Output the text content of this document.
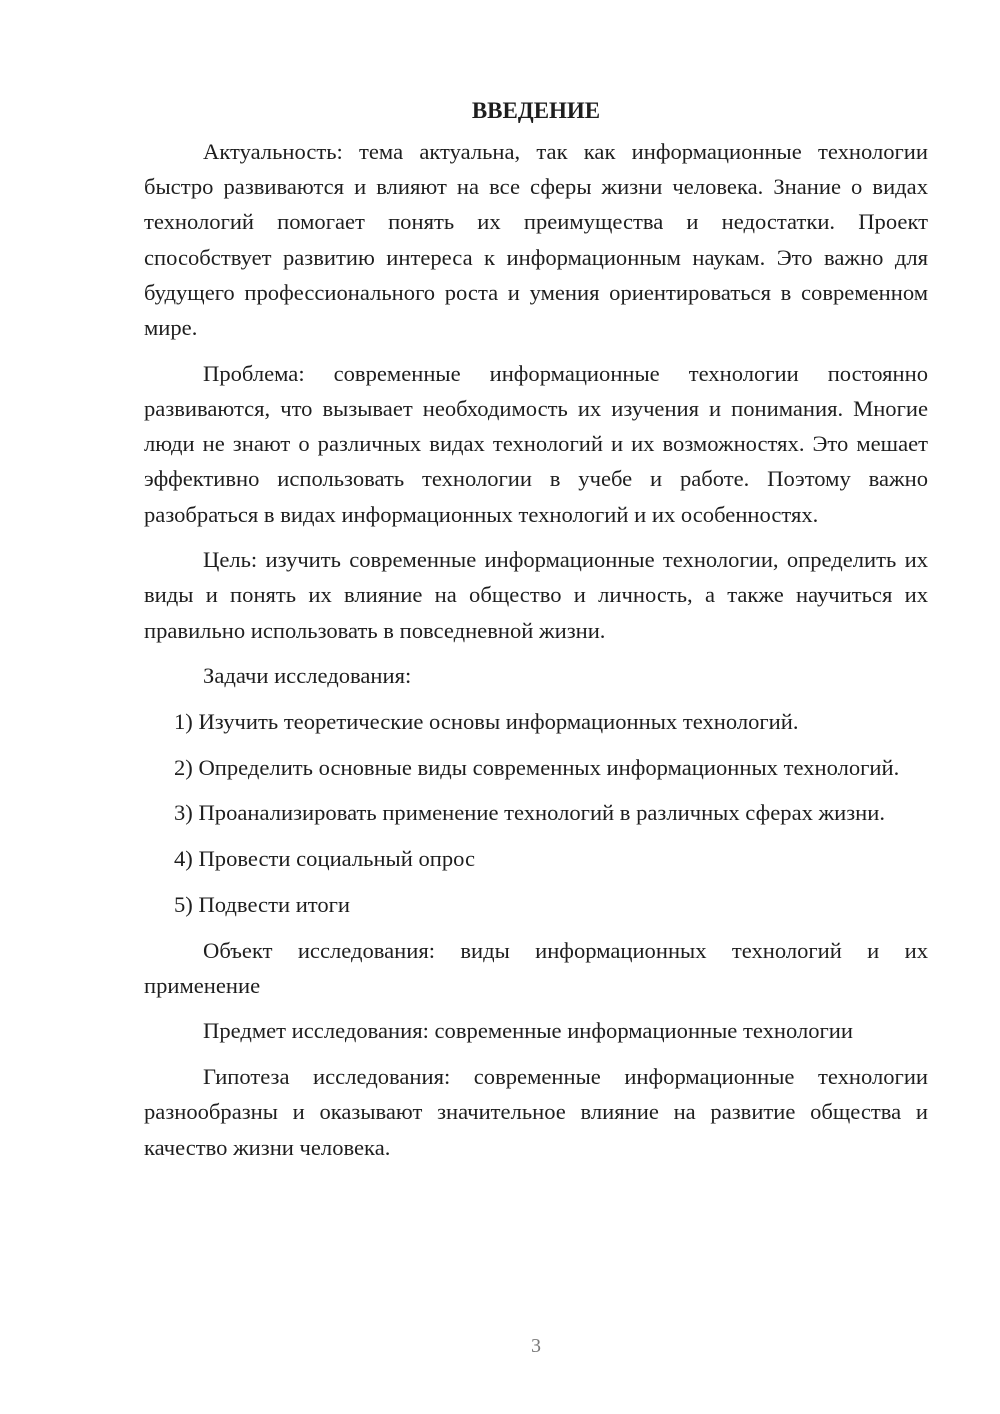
ВВЕДЕНИЕ

Актуальность: тема актуальна, так как информационные технологии быстро развиваются и влияют на все сферы жизни человека. Знание о видах технологий помогает понять их преимущества и недостатки. Проект способствует развитию интереса к информационным наукам. Это важно для будущего профессионального роста и умения ориентироваться в современном мире.

Проблема: современные информационные технологии постоянно развиваются, что вызывает необходимость их изучения и понимания. Многие люди не знают о различных видах технологий и их возможностях. Это мешает эффективно использовать технологии в учебе и работе. Поэтому важно разобраться в видах информационных технологий и их особенностях.

Цель: изучить современные информационные технологии, определить их виды и понять их влияние на общество и личность, а также научиться их правильно использовать в повседневной жизни.

Задачи исследования:

1) Изучить теоретические основы информационных технологий.

2) Определить основные виды современных информационных технологий.

3) Проанализировать применение технологий в различных сферах жизни.

4) Провести социальный опрос

5) Подвести итоги

Объект исследования: виды информационных технологий и их применение

Предмет исследования: современные информационные технологии

Гипотеза исследования: современные информационные технологии разнообразны и оказывают значительное влияние на развитие общества и качество жизни человека.

3
